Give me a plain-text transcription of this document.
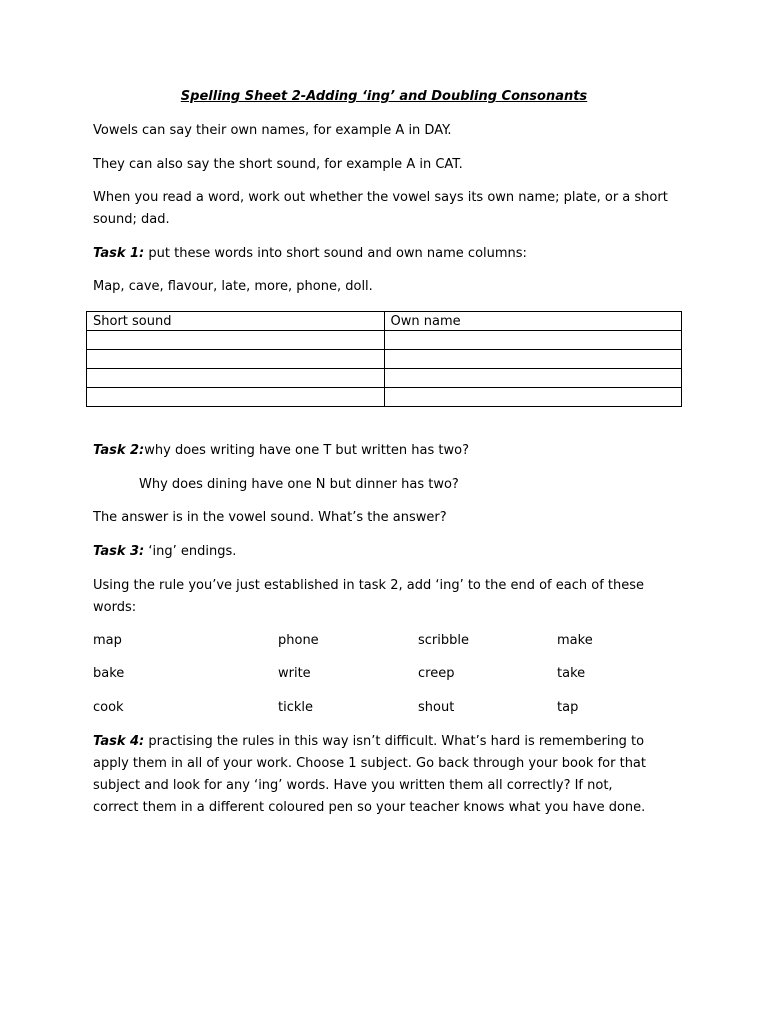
Spelling Sheet 2-Adding ‘ing’ and Doubling Consonants
Vowels can say their own names, for example A in DAY.
They can also say the short sound, for example A in CAT.
When you read a word, work out whether the vowel says its own name; plate, or a short
sound; dad.
Task 1: put these words into short sound and own name columns:
Map, cave, flavour, late, more, phone, doll.
Short sound	Own name

Task 2:why does writing have one T but written has two?
Why does dining have one N but dinner has two?
The answer is in the vowel sound. What’s the answer?
Task 3: ‘ing’ endings.
Using the rule you’ve just established in task 2, add ‘ing’ to the end of each of these
words:
map	phone	scribble	make
bake	write	creep	take
cook	tickle	shout	tap
Task 4: practising the rules in this way isn’t difficult. What’s hard is remembering to
apply them in all of your work. Choose 1 subject. Go back through your book for that
subject and look for any ‘ing’ words. Have you written them all correctly? If not,
correct them in a different coloured pen so your teacher knows what you have done.
